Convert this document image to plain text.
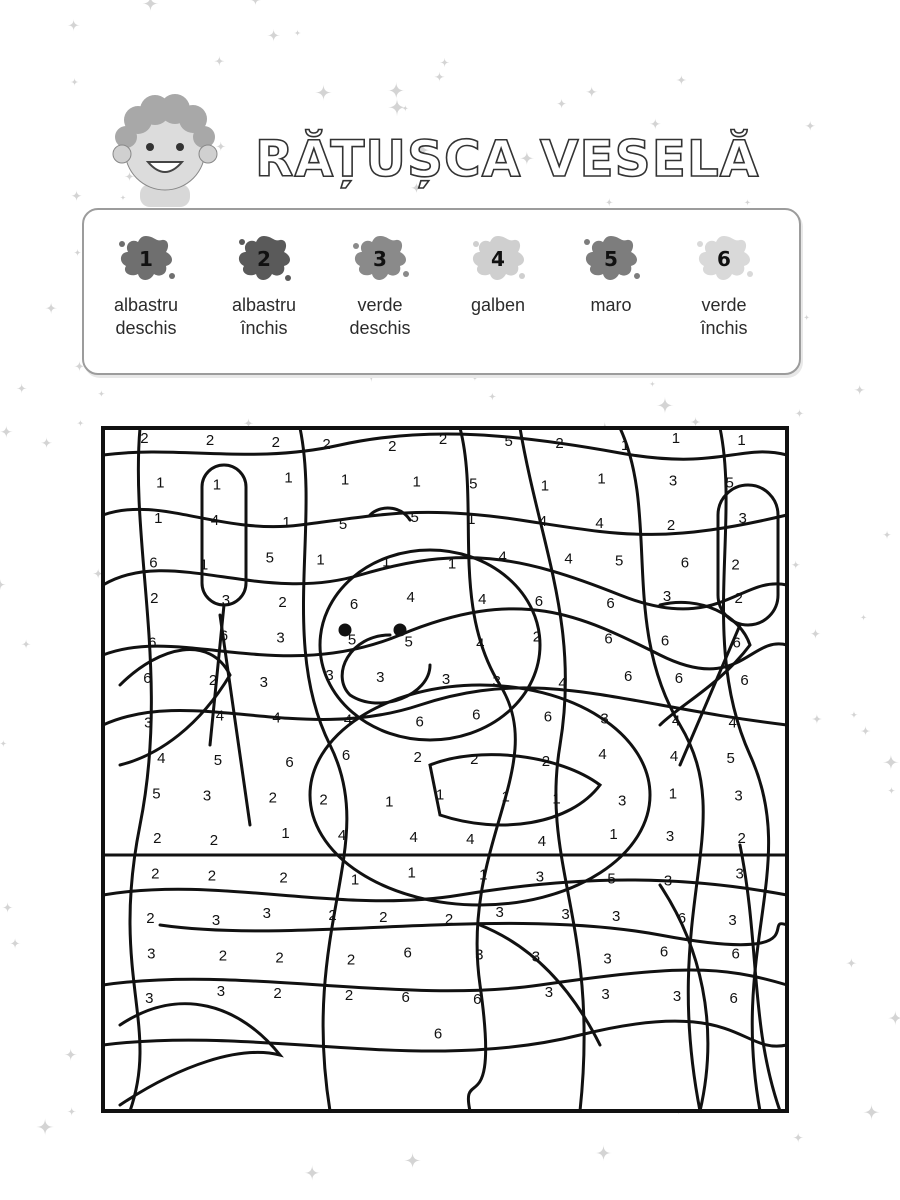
RĂȚUȘCA VESELĂ
1
albastru
deschis
2
albastru
închis
3
verde
deschis
4
galben
5
maro
6
verde
închis
2	2	2	2	2	2	5	2	1	1	1
1	1	1	1	1	5	1	1	3	5
1	4	1	5	5	1	4	4	2	3
6	1	5	1	1	1	4	4	5	6	2
2	3	2	6	4	4	6	6	3	2
6	6	3	5	5	4	2	6	6	6
6	2	3	3	3	3	3	4	6	6	6
3	4	4	4	6	6	6	3	4	4
4	5	6	6	2	2	2	4	4	5
5	3	2	2	1	1	1	1	3	1	3
2	2	1	4	4	4	4	1	3	2
2	2	2	1	1	1	3	5	3	3
2	3	3	2	2	2	3	3	3	6	3
3	2	2	2	6	3	3	3	6	6
3	3	2	2	6	6	3	3	3	6
6
